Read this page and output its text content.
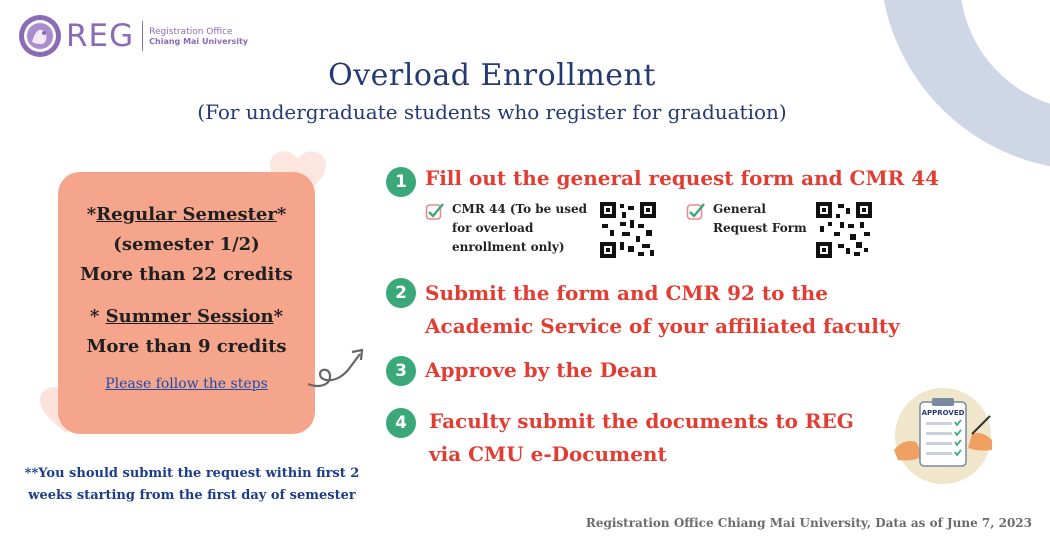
REG Registration Office
Chiang Mai University
Overload Enrollment
(For undergraduate students who register for graduation)
*Regular Semester*
(semester 1/2)
More than 22 credits
* Summer Session*
More than 9 credits
Please follow the steps
**You should submit the request within first 2
weeks starting from the first day of semester
1 Fill out the general request form and CMR 44
CMR 44 (To be used
for overload
enrollment only)
General
Request Form
2 Submit the form and CMR 92 to the
Academic Service of your affiliated faculty
3 Approve by the Dean
4	Faculty submit the documents to REG
via CMU e-Document
APPROVED
Registration Office Chiang Mai University, Data as of June 7, 2023
